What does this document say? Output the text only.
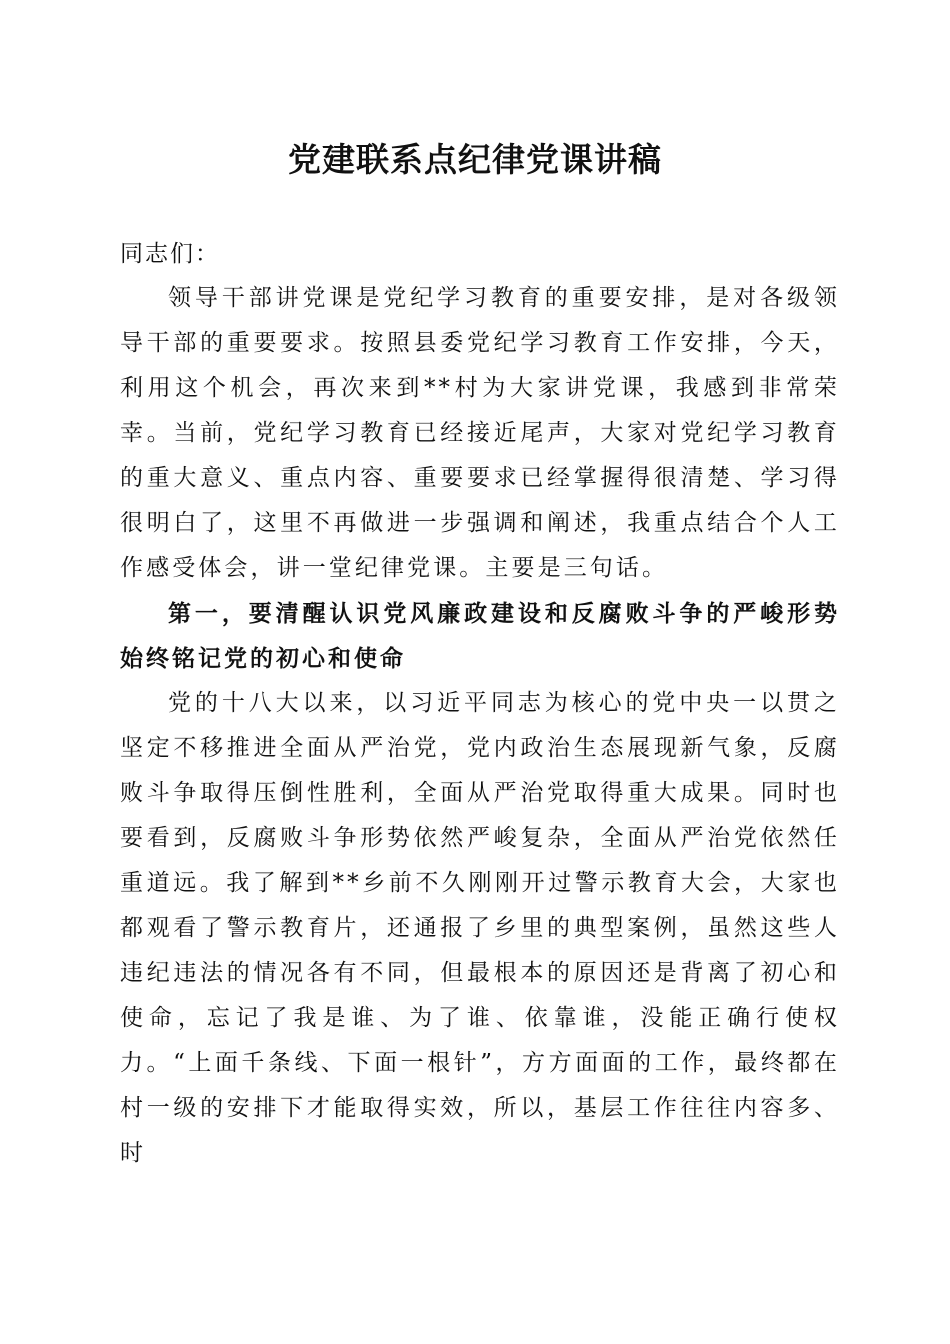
党建联系点纪律党课讲稿

同志们：

领导干部讲党课是党纪学习教育的重要安排，是对各级领导干部的重要要求。按照县委党纪学习教育工作安排，今天，利用这个机会，再次来到**村为大家讲党课，我感到非常荣幸。当前，党纪学习教育已经接近尾声，大家对党纪学习教育的重大意义、重点内容、重要要求已经掌握得很清楚、学习得很明白了，这里不再做进一步强调和阐述，我重点结合个人工作感受体会，讲一堂纪律党课。主要是三句话。

第一，要清醒认识党风廉政建设和反腐败斗争的严峻形势始终铭记党的初心和使命

党的十八大以来，以习近平同志为核心的党中央一以贯之坚定不移推进全面从严治党，党内政治生态展现新气象，反腐败斗争取得压倒性胜利，全面从严治党取得重大成果。同时也要看到，反腐败斗争形势依然严峻复杂，全面从严治党依然任重道远。我了解到**乡前不久刚刚开过警示教育大会，大家也都观看了警示教育片，还通报了乡里的典型案例，虽然这些人违纪违法的情况各有不同，但最根本的原因还是背离了初心和使命，忘记了我是谁、为了谁、依靠谁，没能正确行使权力。“上面千条线、下面一根针”，方方面面的工作，最终都在村一级的安排下才能取得实效，所以，基层工作往往内容多、时
